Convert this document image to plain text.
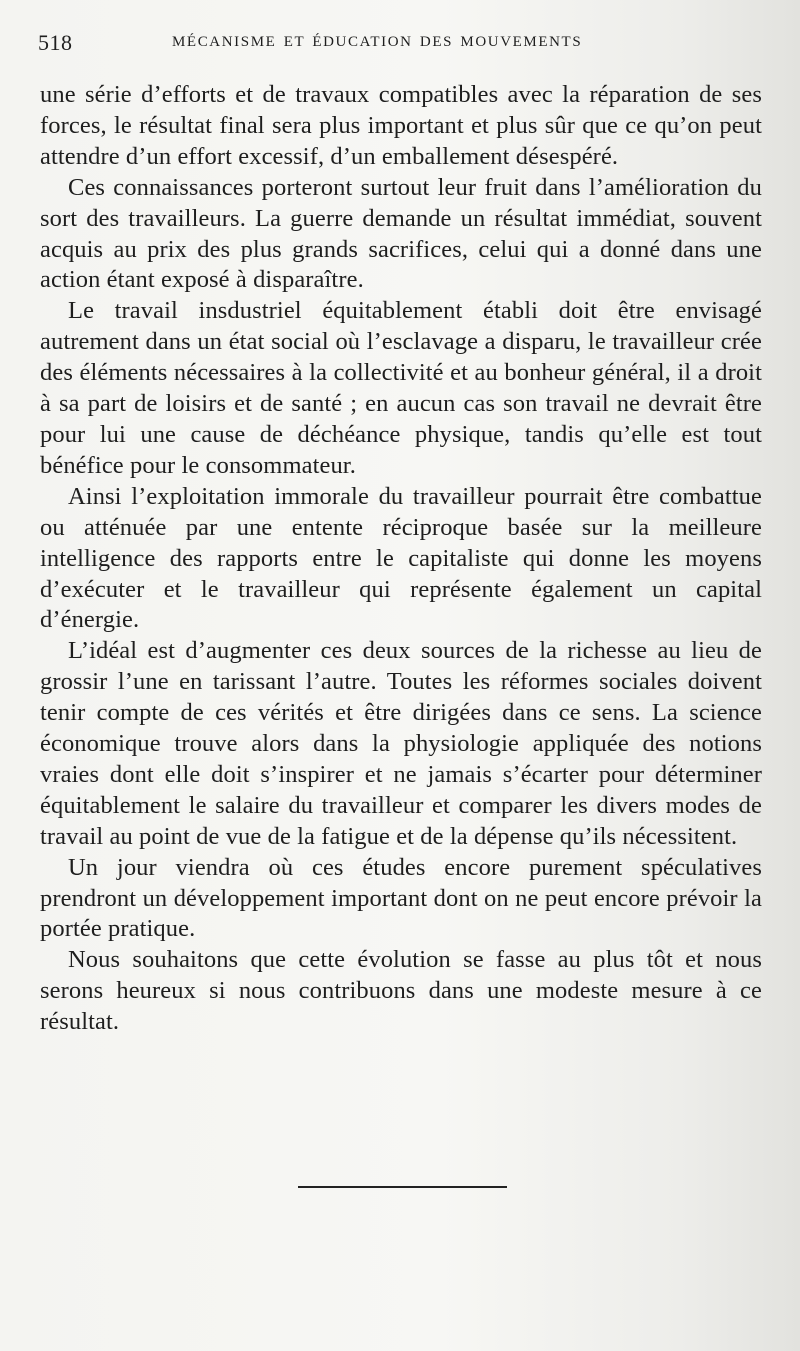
518	MÉCANISME ET ÉDUCATION DES MOUVEMENTS

une série d’efforts et de travaux compatibles avec la réparation de ses forces, le résultat final sera plus important et plus sûr que ce qu’on peut attendre d’un effort excessif, d’un emballement désespéré.

Ces connaissances porteront surtout leur fruit dans l’amélioration du sort des travailleurs. La guerre demande un résultat immédiat, souvent acquis au prix des plus grands sacrifices, celui qui a donné dans une action étant exposé à disparaître.

Le travail insdustriel équitablement établi doit être envisagé autrement dans un état social où l’esclavage a disparu, le travailleur crée des éléments nécessaires à la collectivité et au bonheur général, il a droit à sa part de loisirs et de santé ; en aucun cas son travail ne devrait être pour lui une cause de déchéance physique, tandis qu’elle est tout bénéfice pour le consommateur.

Ainsi l’exploitation immorale du travailleur pourrait être combattue ou atténuée par une entente réciproque basée sur la meilleure intelligence des rapports entre le capitaliste qui donne les moyens d’exécuter et le travailleur qui représente également un capital d’énergie.

L’idéal est d’augmenter ces deux sources de la richesse au lieu de grossir l’une en tarissant l’autre. Toutes les réformes sociales doivent tenir compte de ces vérités et être dirigées dans ce sens. La science économique trouve alors dans la physiologie appliquée des notions vraies dont elle doit s’inspirer et ne jamais s’écarter pour déterminer équitablement le salaire du travailleur et comparer les divers modes de travail au point de vue de la fatigue et de la dépense qu’ils nécessitent.

Un jour viendra où ces études encore purement spéculatives prendront un développement important dont on ne peut encore prévoir la portée pratique.

Nous souhaitons que cette évolution se fasse au plus tôt et nous serons heureux si nous contribuons dans une modeste mesure à ce résultat.
